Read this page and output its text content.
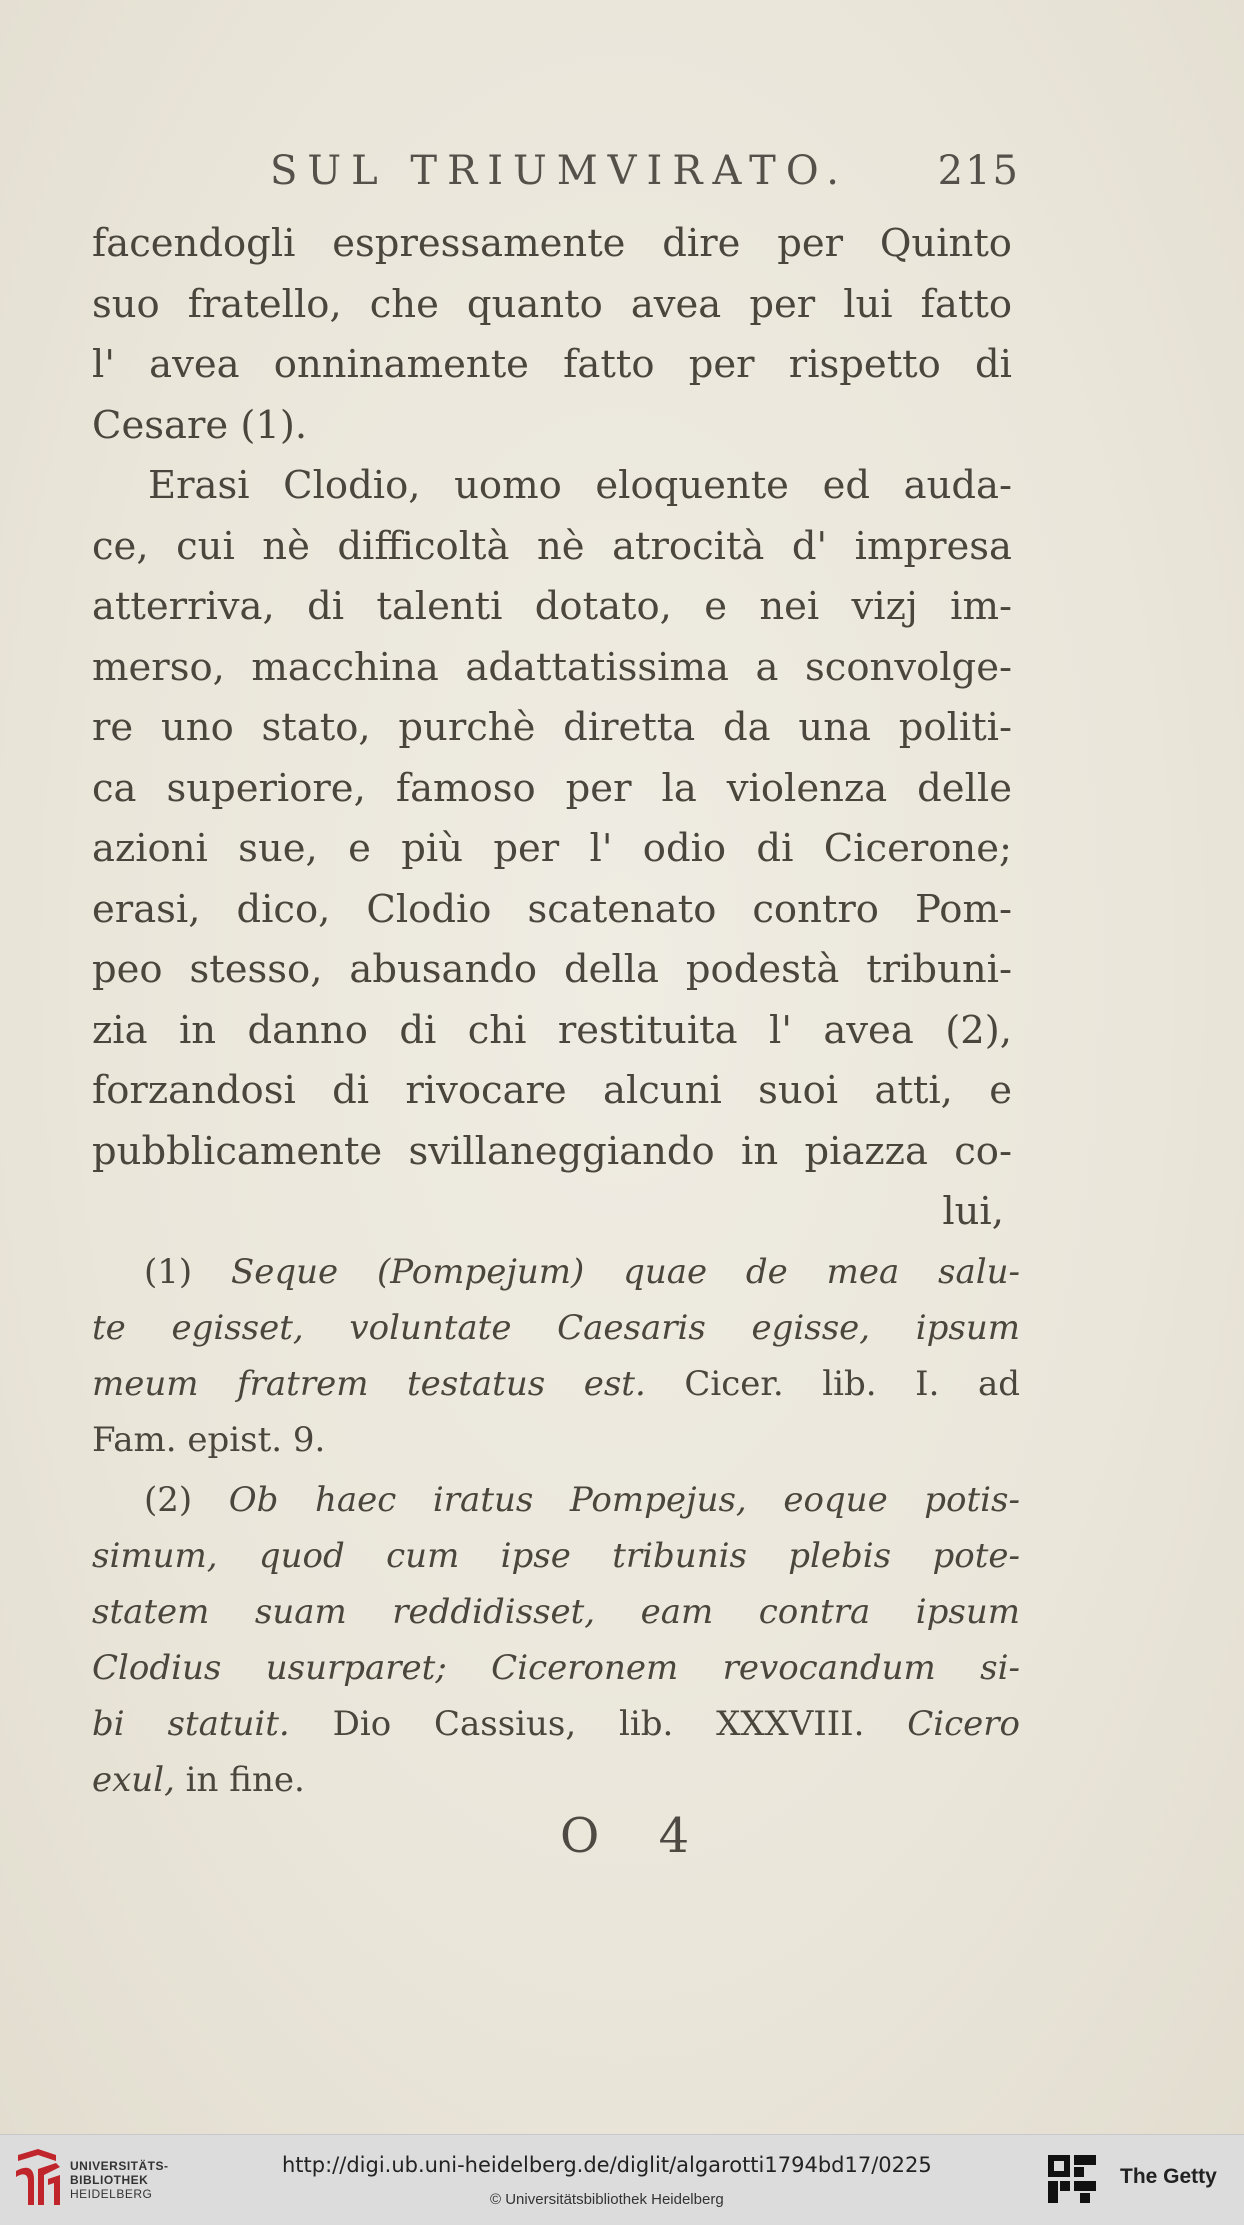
SUL TRIUMVIRATO. 215
facendogli espressamente dire per Quinto
suo fratello, che quanto avea per lui fatto
l' avea onninamente fatto per rispetto di
Cesare (1).
Erasi Clodio, uomo eloquente ed auda-
ce, cui nè difficoltà nè atrocità d' impresa
atterriva, di talenti dotato, e nei vizj im-
merso, macchina adattatissima a sconvolge-
re uno stato, purchè diretta da una politi-
ca superiore, famoso per la violenza delle
azioni sue, e più per l' odio di Cicerone;
erasi, dico, Clodio scatenato contro Pom-
peo stesso, abusando della podestà tribuni-
zia in danno di chi restituita l' avea (2),
forzandosi di rivocare alcuni suoi atti, e
pubblicamente svillaneggiando in piazza co-
lui,
(1) Seque (Pompejum) quae de mea salu-
te egisset, voluntate Caesaris egisse, ipsum
meum fratrem testatus est. Cicer. lib. I. ad
Fam. epist. 9.
(2) Ob haec iratus Pompejus, eoque potis-
simum, quod cum ipse tribunis plebis pote-
statem suam reddidisset, eam contra ipsum
Clodius usurparet; Ciceronem revocandum si-
bi statuit. Dio Cassius, lib. XXXVIII. Cicero
exul, in fine.
O 4
UNIVERSITÄTS-
BIBLIOTHEK
HEIDELBERG
http://digi.ub.uni-heidelberg.de/diglit/algarotti1794bd17/0225
© Universitätsbibliothek Heidelberg
The Getty
